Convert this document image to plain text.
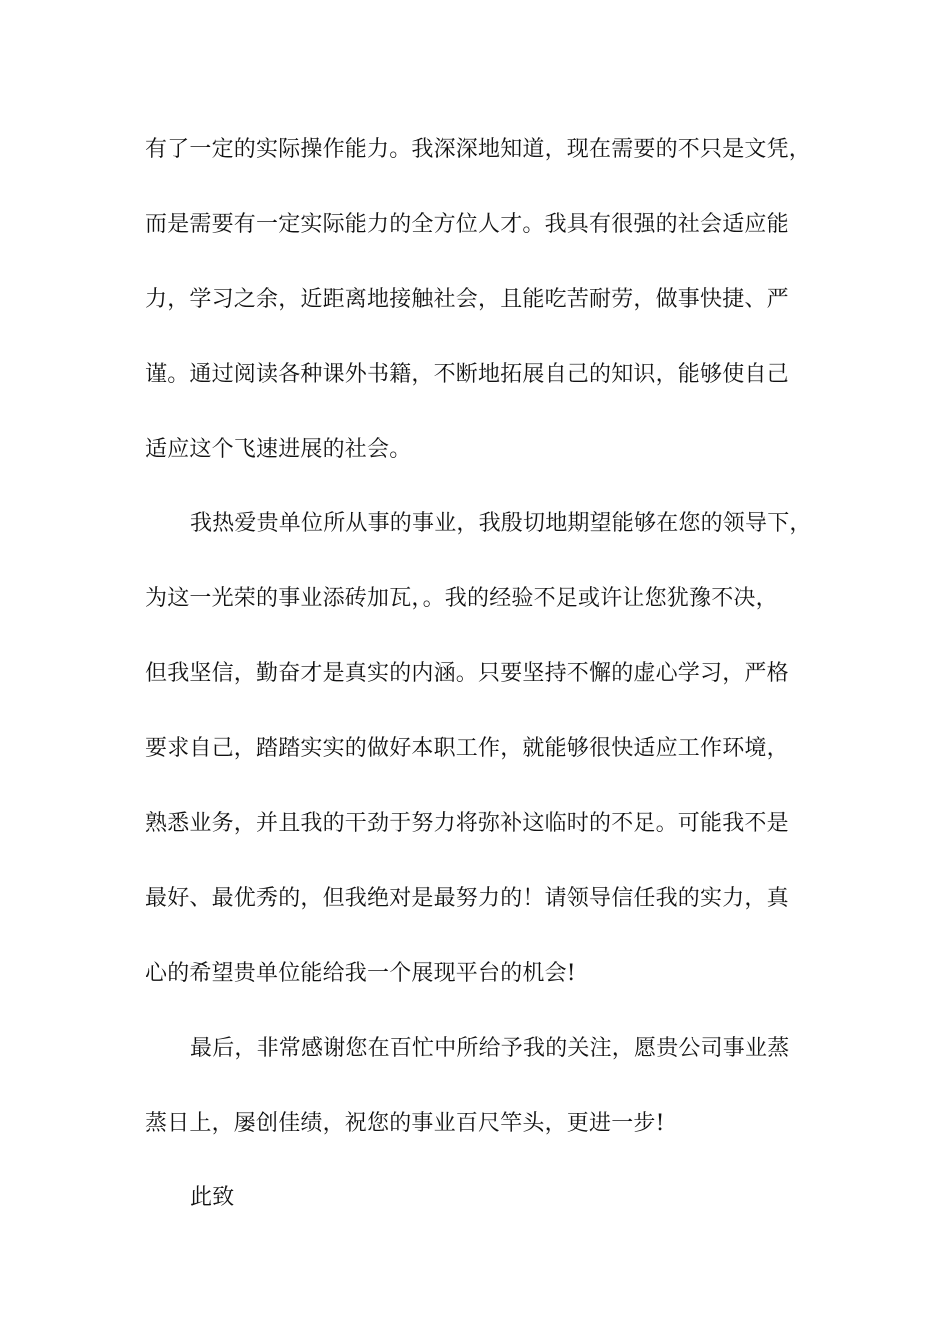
有了一定的实际操作能力。我深深地知道，现在需要的不只是文凭，
而是需要有一定实际能力的全方位人才。我具有很强的社会适应能
力，学习之余，近距离地接触社会，且能吃苦耐劳，做事快捷、严
谨。通过阅读各种课外书籍，不断地拓展自己的知识，能够使自己
适应这个飞速进展的社会。
我热爱贵单位所从事的事业，我殷切地期望能够在您的领导下，
为这一光荣的事业添砖加瓦，。我的经验不足或许让您犹豫不决，
但我坚信，勤奋才是真实的内涵。只要坚持不懈的虚心学习，严格
要求自己，踏踏实实的做好本职工作，就能够很快适应工作环境，
熟悉业务，并且我的干劲于努力将弥补这临时的不足。可能我不是
最好、最优秀的，但我绝对是最努力的！请领导信任我的实力，真
心的希望贵单位能给我一个展现平台的机会!
最后，非常感谢您在百忙中所给予我的关注，愿贵公司事业蒸
蒸日上，屡创佳绩，祝您的事业百尺竿头，更进一步!
此致
